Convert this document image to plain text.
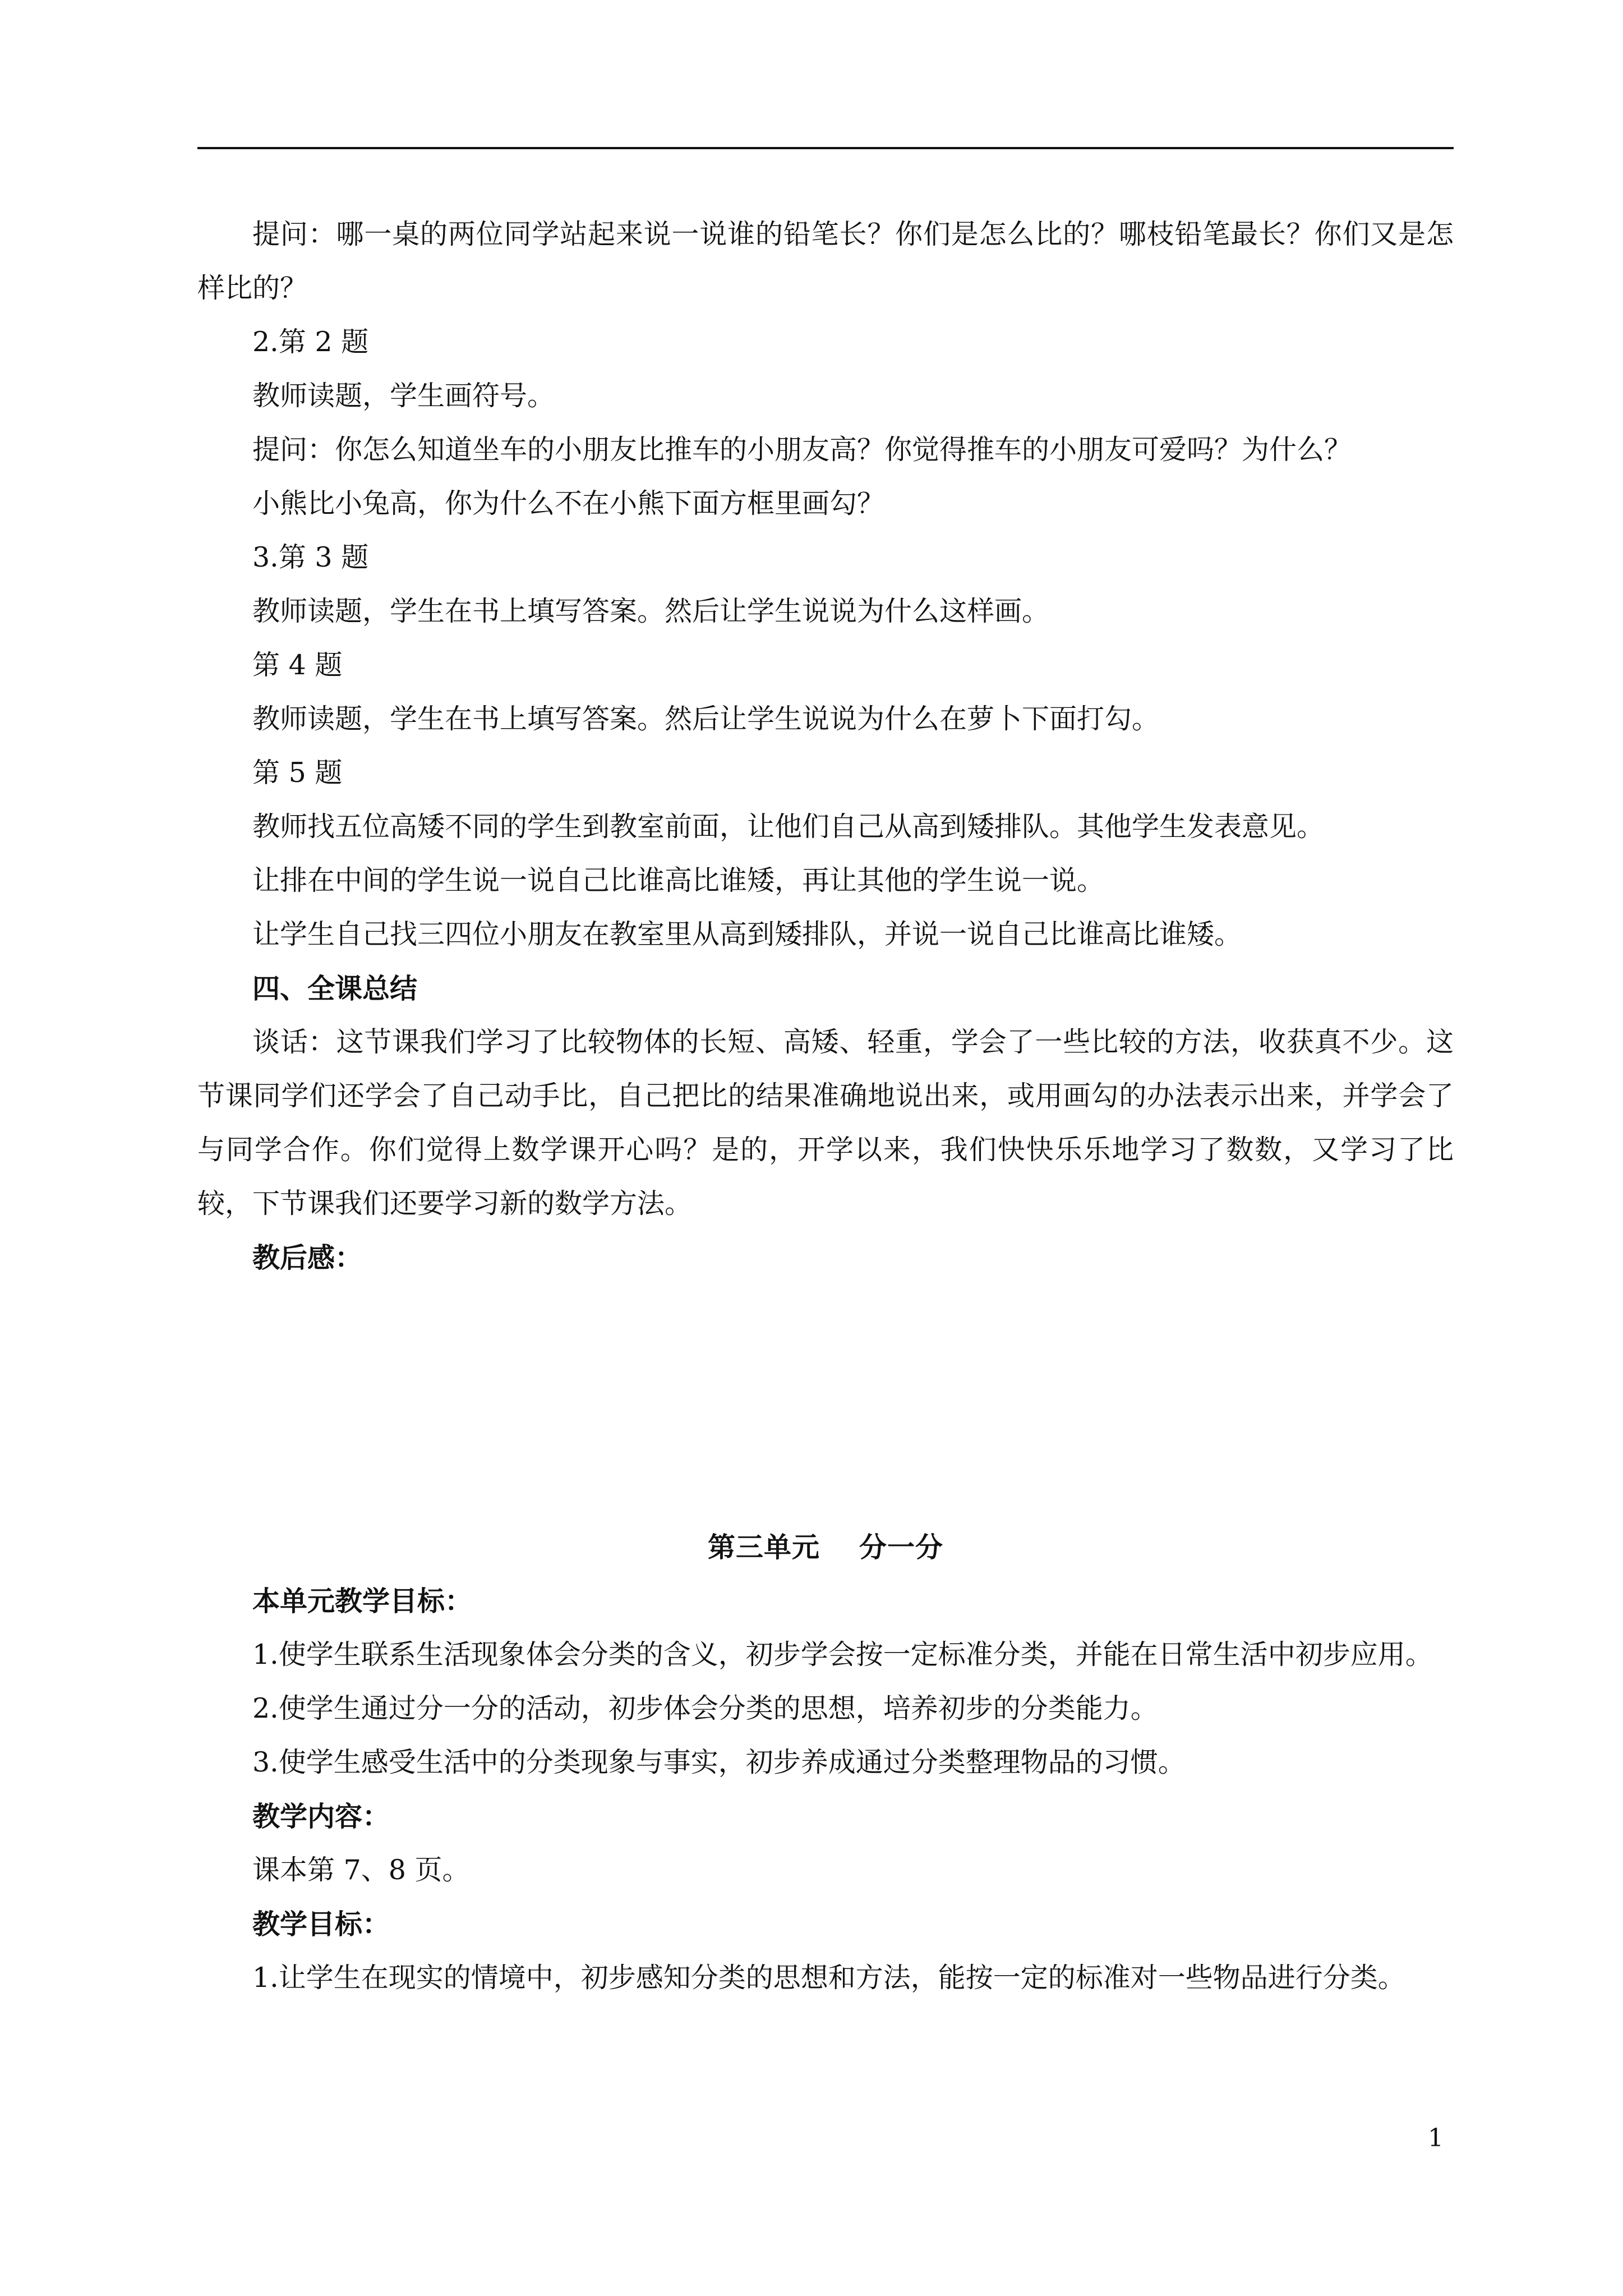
提问：哪一桌的两位同学站起来说一说谁的铅笔长？你们是怎么比的？哪枝铅笔最长？你们又是怎样比的？

2.第 2 题

教师读题，学生画符号。

提问：你怎么知道坐车的小朋友比推车的小朋友高？你觉得推车的小朋友可爱吗？为什么？

小熊比小兔高，你为什么不在小熊下面方框里画勾？

3.第 3 题

教师读题，学生在书上填写答案。然后让学生说说为什么这样画。

第 4 题

教师读题，学生在书上填写答案。然后让学生说说为什么在萝卜下面打勾。

第 5 题

教师找五位高矮不同的学生到教室前面，让他们自己从高到矮排队。其他学生发表意见。

让排在中间的学生说一说自己比谁高比谁矮，再让其他的学生说一说。

让学生自己找三四位小朋友在教室里从高到矮排队，并说一说自己比谁高比谁矮。

四、全课总结

谈话：这节课我们学习了比较物体的长短、高矮、轻重，学会了一些比较的方法，收获真不少。这节课同学们还学会了自己动手比，自己把比的结果准确地说出来，或用画勾的办法表示出来，并学会了与同学合作。你们觉得上数学课开心吗？是的，开学以来，我们快快乐乐地学习了数数，又学习了比较，下节课我们还要学习新的数学方法。

教后感：

第三单元 分一分

本单元教学目标：

1.使学生联系生活现象体会分类的含义，初步学会按一定标准分类，并能在日常生活中初步应用。

2.使学生通过分一分的活动，初步体会分类的思想，培养初步的分类能力。

3.使学生感受生活中的分类现象与事实，初步养成通过分类整理物品的习惯。

教学内容：

课本第 7、8 页。

教学目标：

1.让学生在现实的情境中，初步感知分类的思想和方法，能按一定的标准对一些物品进行分类。

1
